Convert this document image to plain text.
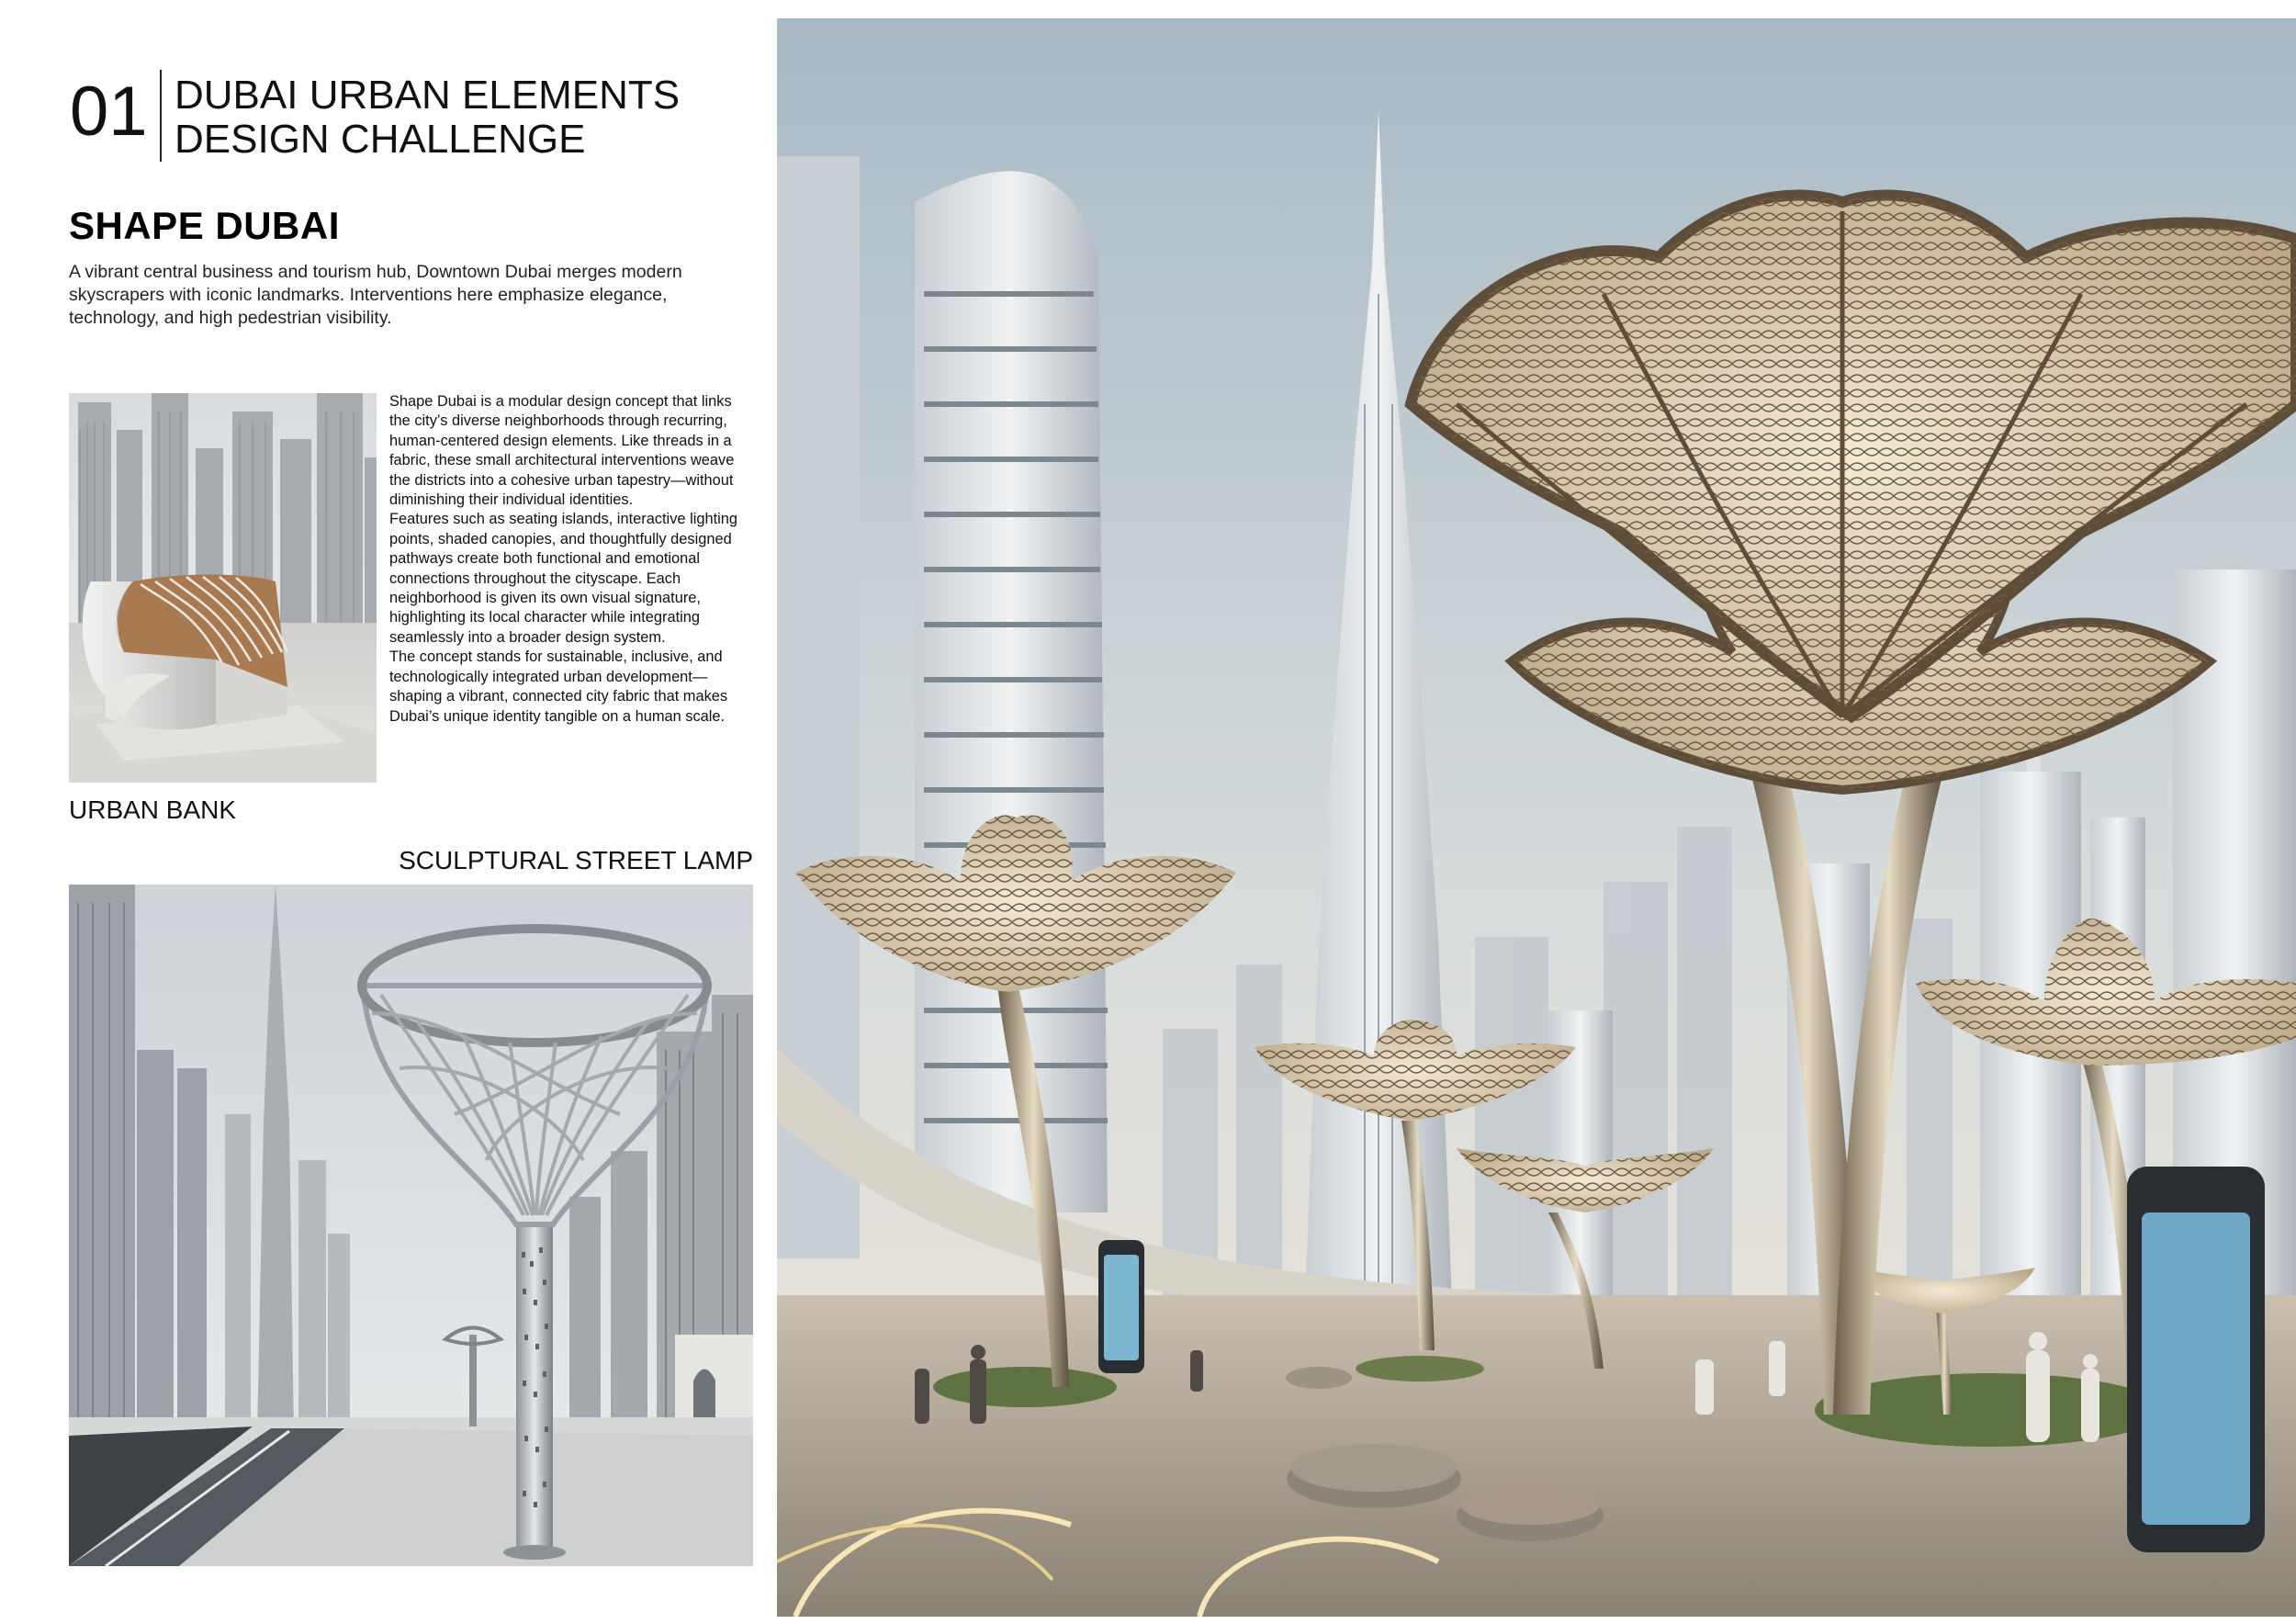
01 DUBAI URBAN ELEMENTS
DESIGN CHALLENGE
SHAPE DUBAI
A vibrant central business and tourism hub, Downtown Dubai merges modern skyscrapers with iconic landmarks. Interventions here emphasize elegance, technology, and high pedestrian visibility.

Shape Dubai is a modular design concept that links the city’s diverse neighborhoods through recurring, human-centered design elements. Like threads in a fabric, these small architectural interventions weave the districts into a cohesive urban tapestry—without diminishing their individual identities.

Features such as seating islands, interactive lighting points, shaded canopies, and thoughtfully designed pathways create both functional and emotional connections throughout the cityscape. Each neighborhood is given its own visual signature, highlighting its local character while integrating seamlessly into a broader design system.

The concept stands for sustainable, inclusive, and technologically integrated urban development—shaping a vibrant, connected city fabric that makes Dubai’s unique identity tangible on a human scale.

URBAN BANK
SCULPTURAL STREET LAMP
